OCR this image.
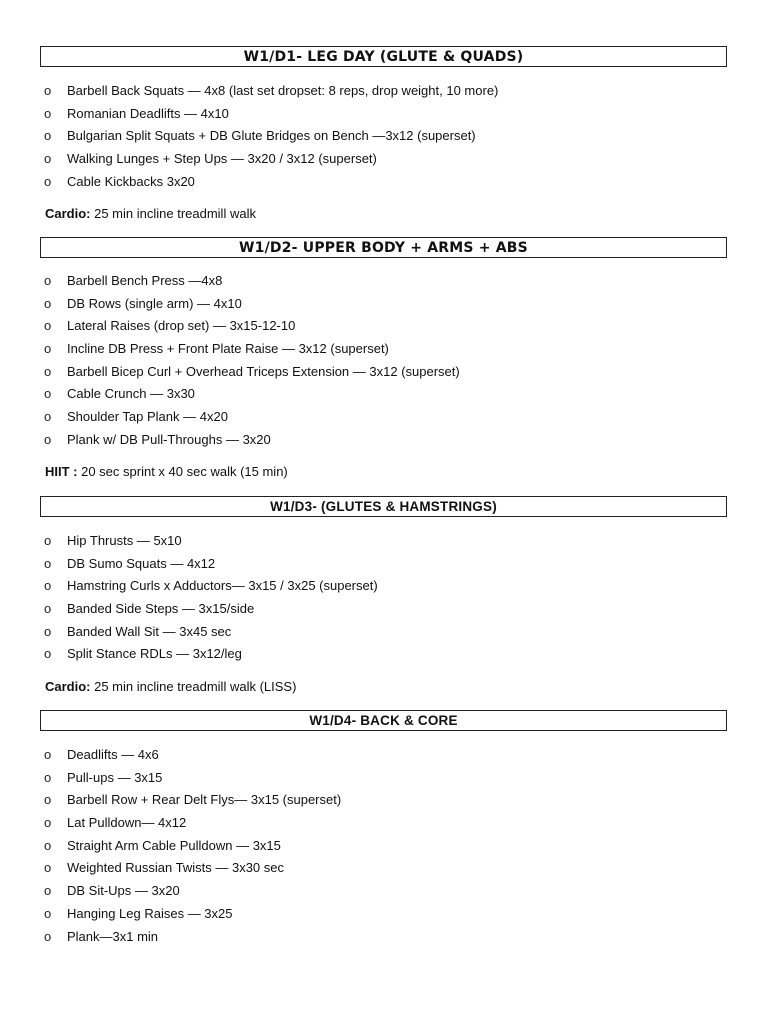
W1/D1- LEG DAY (GLUTE & QUADS)
o	Barbell Back Squats — 4x8 (last set dropset: 8 reps, drop weight, 10 more)
o	Romanian Deadlifts — 4x10
o	Bulgarian Split Squats + DB Glute Bridges on Bench —3x12 (superset)
o	Walking Lunges + Step Ups — 3x20 / 3x12 (superset)
o	Cable Kickbacks 3x20
Cardio: 25 min incline treadmill walk
W1/D2- UPPER BODY + ARMS + ABS
o	Barbell Bench Press —4x8
o	DB Rows (single arm) — 4x10
o	Lateral Raises (drop set) — 3x15-12-10
o	Incline DB Press + Front Plate Raise — 3x12 (superset)
o	Barbell Bicep Curl + Overhead Triceps Extension — 3x12 (superset)
o	Cable Crunch — 3x30
o	Shoulder Tap Plank — 4x20
o	Plank w/ DB Pull-Throughs — 3x20
HIIT : 20 sec sprint x 40 sec walk (15 min)
W1/D3- (GLUTES & HAMSTRINGS)
o	Hip Thrusts — 5x10
o	DB Sumo Squats — 4x12
o	Hamstring Curls x Adductors— 3x15 / 3x25 (superset)
o	Banded Side Steps — 3x15/side
o	Banded Wall Sit — 3x45 sec
o	Split Stance RDLs — 3x12/leg
Cardio: 25 min incline treadmill walk (LISS)
W1/D4- BACK & CORE
o	Deadlifts — 4x6
o	Pull-ups — 3x15
o	Barbell Row + Rear Delt Flys— 3x15 (superset)
o	Lat Pulldown— 4x12
o	Straight Arm Cable Pulldown — 3x15
o	Weighted Russian Twists — 3x30 sec
o	DB Sit-Ups — 3x20
o	Hanging Leg Raises — 3x25
o	Plank—3x1 min
